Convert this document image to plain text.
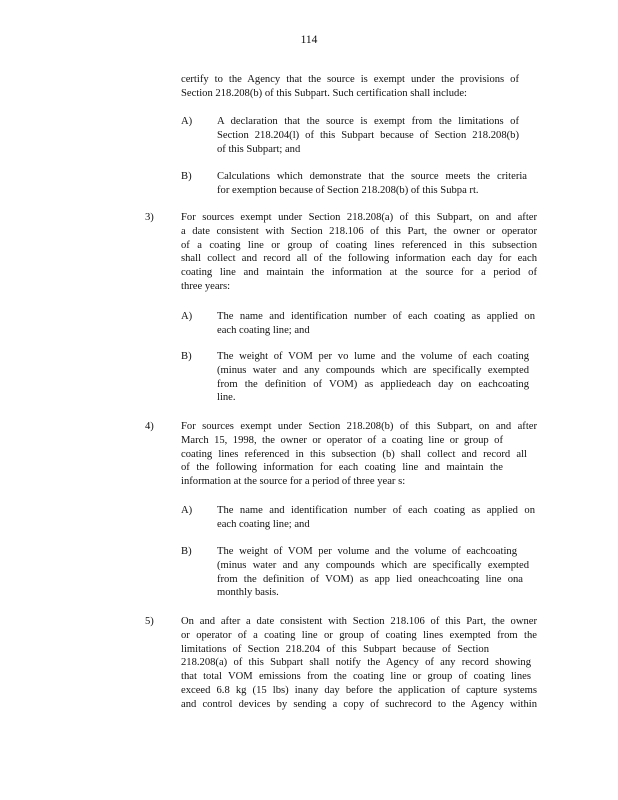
114
certify to the Agency that the source is exempt under the provisions of
Section 218.208(b) of this Subpart. Such certification shall include:
A) A declaration that the source is exempt from the limitations of
Section 218.204(l) of this Subpart because of Section 218.208(b)
of this Subpart; and
B) Calculations which demonstrate that the source meets the criteria
for exemption because of Section 218.208(b) of this Subpa rt.
3)	For sources exempt under Section 218.208(a) of this Subpart, on and after
a date consistent with Section 218.106 of this Part, the owner or operator
of a coating line or group of coating lines referenced in this subsection
shall collect and record all of the following information each day for each
coating line and maintain the information at the source for a period of
three years:
A) The name and identification number of each coating as applied on
each coating line; and
B) The weight of VOM per vo lume and the volume of each coating
(minus water and any compounds which are specifically exempted
from the definition of VOM) as appliedeach day on eachcoating
line.
4)	For sources exempt under Section 218.208(b) of this Subpart, on and after
March 15, 1998, the owner or operator of a coating line or group of
coating lines referenced in this subsection (b) shall collect and record all
of the following information for each coating line and maintain the
information at the source for a period of three year s:
A) The name and identification number of each coating as applied on
each coating line; and
B) The weight of VOM per volume and the volume of eachcoating
(minus water and any compounds which are specifically exempted
from the definition of VOM) as app lied oneachcoating line ona
monthly basis.
5)	On and after a date consistent with Section 218.106 of this Part, the owner
or operator of a coating line or group of coating lines exempted from the
limitations of Section 218.204 of this Subpart because of Section
218.208(a) of this Subpart shall notify the Agency of any record showing
that total VOM emissions from the coating line or group of coating lines
exceed 6.8 kg (15 lbs) inany day before the application of capture systems
and control devices by sending a copy of suchrecord to the Agency within
